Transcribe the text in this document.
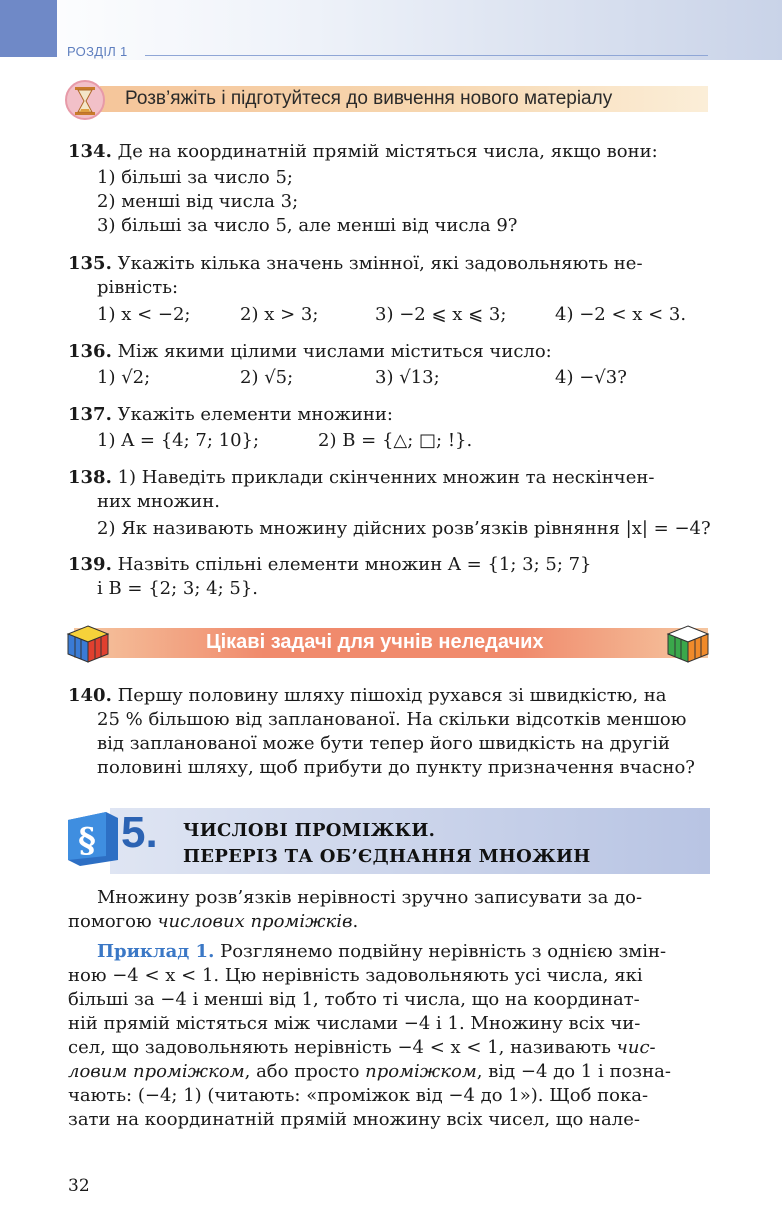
РОЗДІЛ 1
Розв’яжіть і підготуйтеся до вивчення нового матеріалу
134. Де на координатній прямій містяться числа, якщо вони:
1) більші за число 5;
2) менші від числа 3;
3) більші за число 5, але менші від числа 9?
135. Укажіть кілька значень змінної, які задовольняють не-
рівність:
1) x < −2;	2) x > 3;	3) −2 ⩽ x ⩽ 3;	4) −2 < x < 3.
136. Між якими цілими числами міститься число:
1) √2;	2) √5;	3) √13;	4) −√3?
137. Укажіть елементи множини:
1) A = {4; 7; 10};	2) B = {△; □; !}.
138. 1) Наведіть приклади скінченних множин та нескінчен-
них множин.
2) Як називають множину дійсних розв’язків рівняння |x| = −4?
139. Назвіть спільні елементи множин A = {1; 3; 5; 7}
і B = {2; 3; 4; 5}.
Цікаві задачі для учнів неледачих
140. Першу половину шляху пішохід рухався зі швидкістю, на
25 % більшою від запланованої. На скільки відсотків меншою
від запланованої може бути тепер його швидкість на другій
половині шляху, щоб прибути до пункту призначення вчасно?
§ 5. ЧИСЛОВІ ПРОМІЖКИ.
ПЕРЕРІЗ ТА ОБ’ЄДНАННЯ МНОЖИН
Множину розв’язків нерівності зручно записувати за до-
помогою числових проміжків.
Приклад 1. Розглянемо подвійну нерівність з однією змін-
ною −4 < x < 1. Цю нерівність задовольняють усі числа, які
більші за −4 і менші від 1, тобто ті числа, що на координат-
ній прямій містяться між числами −4 і 1. Множину всіх чи-
сел, що задовольняють нерівність −4 < x < 1, називають чис-
ловим проміжком, або просто проміжком, від −4 до 1 і позна-
чають: (−4; 1) (читають: «проміжок від −4 до 1»). Щоб пока-
зати на координатній прямій множину всіх чисел, що нале-
32
